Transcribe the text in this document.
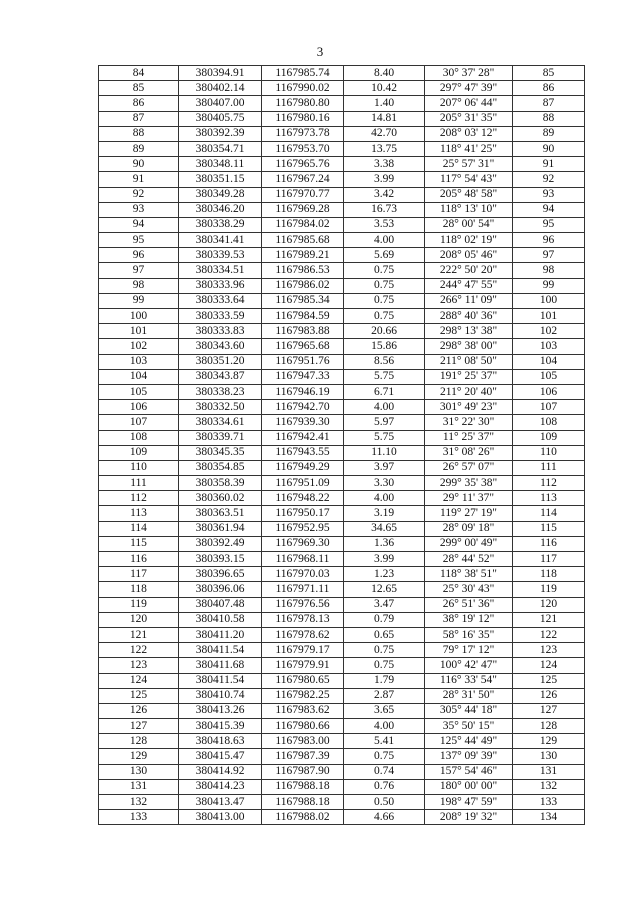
3
84	380394.91	1167985.74	8.40	30° 37' 28"	85
85	380402.14	1167990.02	10.42	297° 47' 39"	86
86	380407.00	1167980.80	1.40	207° 06' 44"	87
87	380405.75	1167980.16	14.81	205° 31' 35"	88
88	380392.39	1167973.78	42.70	208° 03' 12"	89
89	380354.71	1167953.70	13.75	118° 41' 25"	90
90	380348.11	1167965.76	3.38	25° 57' 31"	91
91	380351.15	1167967.24	3.99	117° 54' 43"	92
92	380349.28	1167970.77	3.42	205° 48' 58"	93
93	380346.20	1167969.28	16.73	118° 13' 10"	94
94	380338.29	1167984.02	3.53	28° 00' 54"	95
95	380341.41	1167985.68	4.00	118° 02' 19"	96
96	380339.53	1167989.21	5.69	208° 05' 46"	97
97	380334.51	1167986.53	0.75	222° 50' 20"	98
98	380333.96	1167986.02	0.75	244° 47' 55"	99
99	380333.64	1167985.34	0.75	266° 11' 09"	100
100	380333.59	1167984.59	0.75	288° 40' 36"	101
101	380333.83	1167983.88	20.66	298° 13' 38"	102
102	380343.60	1167965.68	15.86	298° 38' 00"	103
103	380351.20	1167951.76	8.56	211° 08' 50"	104
104	380343.87	1167947.33	5.75	191° 25' 37"	105
105	380338.23	1167946.19	6.71	211° 20' 40"	106
106	380332.50	1167942.70	4.00	301° 49' 23"	107
107	380334.61	1167939.30	5.97	31° 22' 30"	108
108	380339.71	1167942.41	5.75	11° 25' 37"	109
109	380345.35	1167943.55	11.10	31° 08' 26"	110
110	380354.85	1167949.29	3.97	26° 57' 07"	111
111	380358.39	1167951.09	3.30	299° 35' 38"	112
112	380360.02	1167948.22	4.00	29° 11' 37"	113
113	380363.51	1167950.17	3.19	119° 27' 19"	114
114	380361.94	1167952.95	34.65	28° 09' 18"	115
115	380392.49	1167969.30	1.36	299° 00' 49"	116
116	380393.15	1167968.11	3.99	28° 44' 52"	117
117	380396.65	1167970.03	1.23	118° 38' 51"	118
118	380396.06	1167971.11	12.65	25° 30' 43"	119
119	380407.48	1167976.56	3.47	26° 51' 36"	120
120	380410.58	1167978.13	0.79	38° 19' 12"	121
121	380411.20	1167978.62	0.65	58° 16' 35"	122
122	380411.54	1167979.17	0.75	79° 17' 12"	123
123	380411.68	1167979.91	0.75	100° 42' 47"	124
124	380411.54	1167980.65	1.79	116° 33' 54"	125
125	380410.74	1167982.25	2.87	28° 31' 50"	126
126	380413.26	1167983.62	3.65	305° 44' 18"	127
127	380415.39	1167980.66	4.00	35° 50' 15"	128
128	380418.63	1167983.00	5.41	125° 44' 49"	129
129	380415.47	1167987.39	0.75	137° 09' 39"	130
130	380414.92	1167987.90	0.74	157° 54' 46"	131
131	380414.23	1167988.18	0.76	180° 00' 00"	132
132	380413.47	1167988.18	0.50	198° 47' 59"	133
133	380413.00	1167988.02	4.66	208° 19' 32"	134
